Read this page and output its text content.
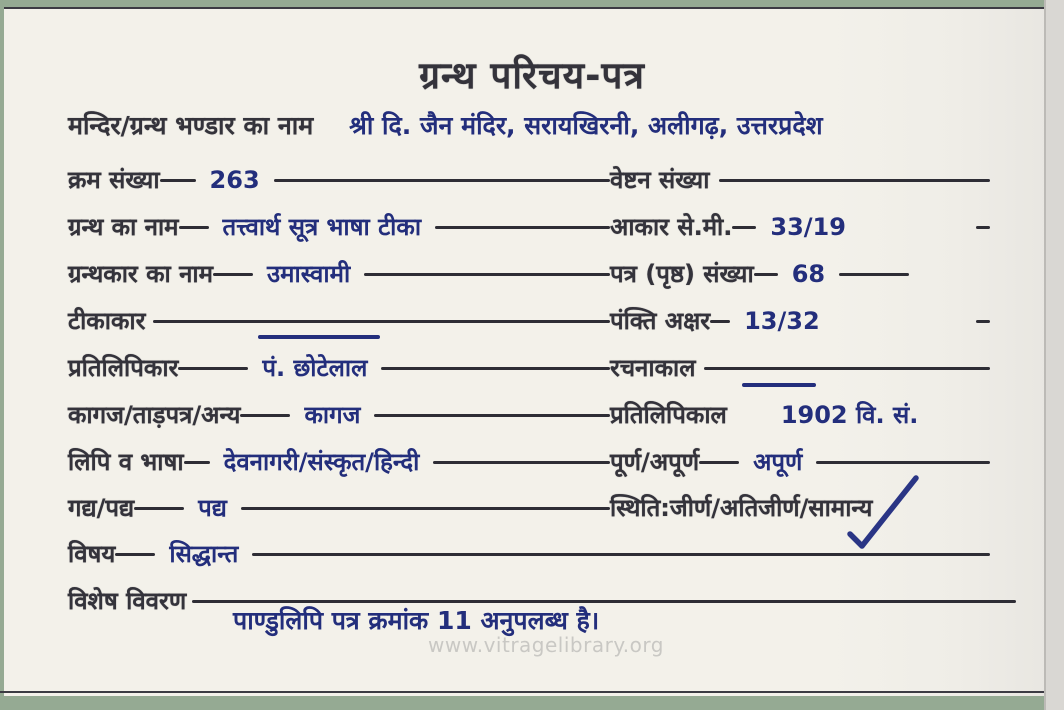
ग्रन्थ परिचय-पत्र
मन्दिर/ग्रन्थ भण्डार का नाम श्री दि. जैन मंदिर, सरायखिरनी, अलीगढ़, उत्तरप्रदेश
क्रम संख्या 263	वेष्टन संख्या
ग्रन्थ का नाम तत्त्वार्थ सूत्र भाषा टीका	आकार से.मी. 33/19
ग्रन्थकार का नाम उमास्वामी	पत्र (पृष्ठ) संख्या 68
टीकाकार	पंक्ति अक्षर 13/32
प्रतिलिपिकार	पं. छोटेलाल	रचनाकाल
कागज/ताड़पत्र/अन्य	कागज	प्रतिलिपिकाल 1902 वि. सं.
लिपि व भाषा देवनागरी/संस्कृत/हिन्दी	पूर्ण/अपूर्ण अपूर्ण
गद्य/पद्य	पद्य	स्थिति:जीर्ण/अतिजीर्ण/सामान्य
विषय सिद्धान्त
विशेष विवरण
पाण्डुलिपि पत्र क्रमांक 11 अनुपलब्ध है।
www.vitragelibrary.org
